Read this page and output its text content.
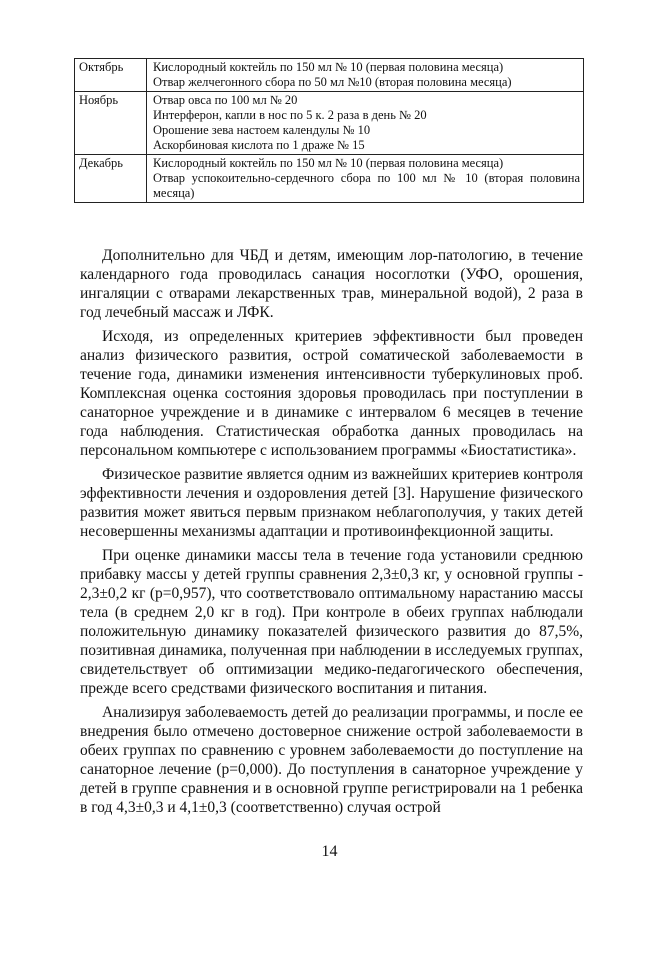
Октябрь	Кислородный коктейль по 150 мл № 10 (первая половина месяца)
Отвар желчегонного сбора по 50 мл №10 (вторая половина месяца)

Ноябрь	Отвар овса по 100 мл № 20
Интерферон, капли в нос по 5 к. 2 раза в день № 20
Орошение зева настоем календулы № 10
Аскорбиновая кислота по 1 драже № 15

Декабрь	Кислородный коктейль по 150 мл № 10 (первая половина месяца)
Отвар успокоительно-сердечного сбора по 100 мл № 10 (вторая половина месяца)

Дополнительно для ЧБД и детям, имеющим лор-патологию, в течение календарного года проводилась санация носоглотки (УФО, орошения, ингаляции с отварами лекарственных трав, минеральной водой), 2 раза в год лечебный массаж и ЛФК.

Исходя, из определенных критериев эффективности был проведен анализ физического развития, острой соматической заболеваемости в течение года, динамики изменения интенсивности туберкулиновых проб. Комплексная оценка состояния здоровья проводилась при поступлении в санаторное учреждение и в динамике с интервалом 6 месяцев в течение года наблюдения. Статистическая обработка данных проводилась на персональном компьютере с использованием программы «Биостатистика».

Физическое развитие является одним из важнейших критериев контроля эффективности лечения и оздоровления детей [3]. Нарушение физического развития может явиться первым признаком неблагополучия, у таких детей несовершенны механизмы адаптации и противоинфекционной защиты.

При оценке динамики массы тела в течение года установили среднюю прибавку массы у детей группы сравнения 2,3±0,3 кг, у основной группы - 2,3±0,2 кг (p=0,957), что соответствовало оптимальному нарастанию массы тела (в среднем 2,0 кг в год). При контроле в обеих группах наблюдали положительную динамику показателей физического развития до 87,5%, позитивная динамика, полученная при наблюдении в исследуемых группах, свидетельствует об оптимизации медико-педагогического обеспечения, прежде всего средствами физического воспитания и питания.

Анализируя заболеваемость детей до реализации программы, и после ее внедрения было отмечено достоверное снижение острой заболеваемости в обеих группах по сравнению с уровнем заболеваемости до поступление на санаторное лечение (p=0,000). До поступления в санаторное учреждение у детей в группе сравнения и в основной группе регистрировали на 1 ребенка в год 4,3±0,3 и 4,1±0,3 (соответственно) случая острой

14
